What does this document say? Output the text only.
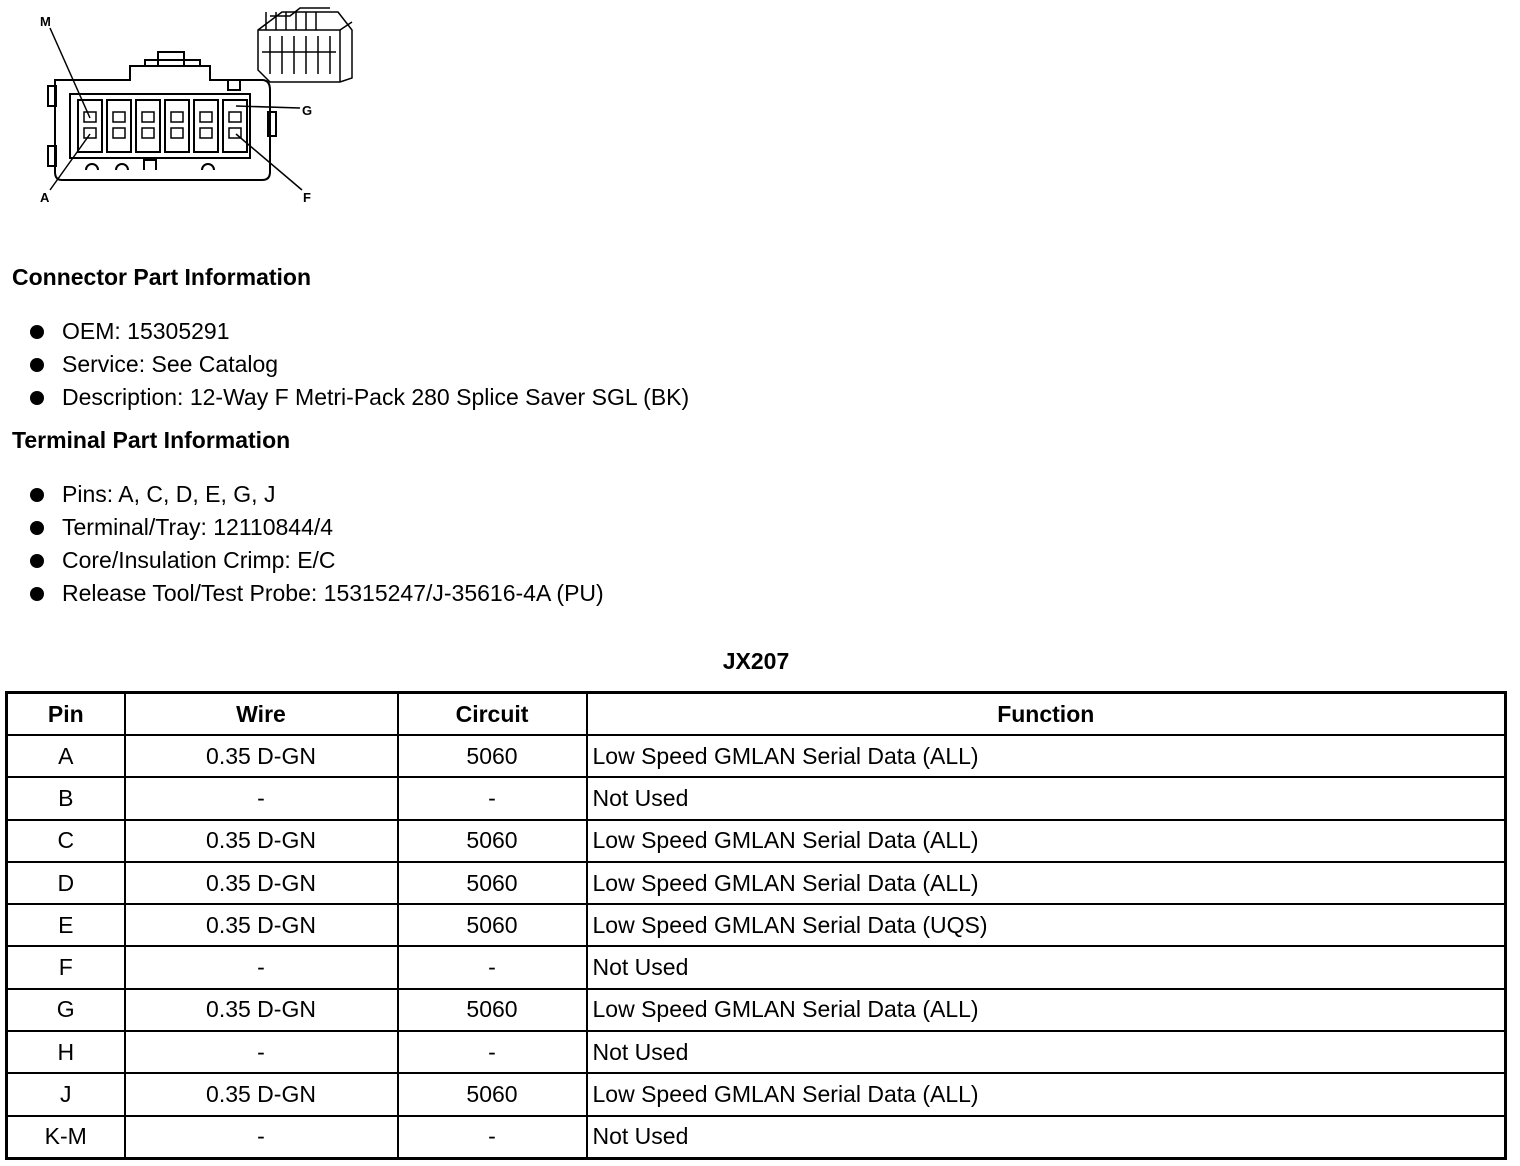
M
G
A	F
Connector Part Information
OEM: 15305291
Service: See Catalog
Description: 12-Way F Metri-Pack 280 Splice Saver SGL (BK)
Terminal Part Information
Pins: A, C, D, E, G, J
Terminal/Tray: 12110844/4
Core/Insulation Crimp: E/C
Release Tool/Test Probe: 15315247/J-35616-4A (PU)
JX207
Pin	Wire	Circuit	Function
A	0.35 D-GN	5060	Low Speed GMLAN Serial Data (ALL)
B	-	-	Not Used
C	0.35 D-GN	5060	Low Speed GMLAN Serial Data (ALL)
D	0.35 D-GN	5060	Low Speed GMLAN Serial Data (ALL)
E	0.35 D-GN	5060	Low Speed GMLAN Serial Data (UQS)
F	-	-	Not Used
G	0.35 D-GN	5060	Low Speed GMLAN Serial Data (ALL)
H	-	-	Not Used
J	0.35 D-GN	5060	Low Speed GMLAN Serial Data (ALL)
K-M	-	-	Not Used
